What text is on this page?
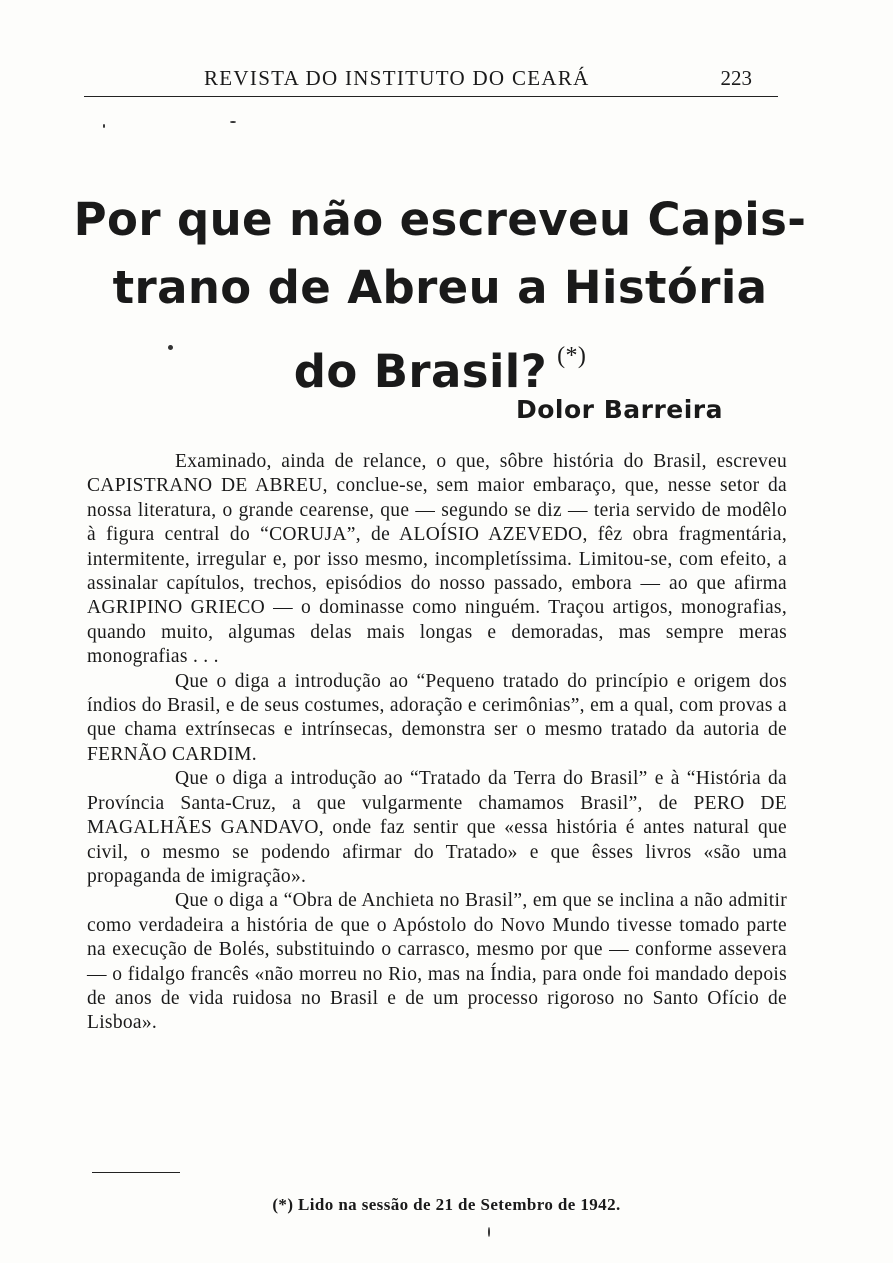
REVISTA DO INSTITUTO DO CEARÁ	223
Por que não escreveu Capis-
trano de Abreu a História
do Brasil? (*)
Dolor Barreira

Examinado, ainda de relance, o que, sôbre história do Brasil, escreveu CAPISTRANO DE ABREU, conclue-se, sem maior embaraço, que, nesse setor da nossa literatura, o grande cearense, que — segundo se diz — teria servido de modêlo à figura central do “CORUJA”, de ALOÍSIO AZEVEDO, fêz obra fragmentária, intermitente, irregular e, por isso mesmo, incompletíssima. Limitou-se, com efeito, a assinalar capítulos, trechos, episódios do nosso passado, embora — ao que afirma AGRIPINO GRIECO — o dominasse como ninguém. Traçou artigos, monografias, quando muito, algumas delas mais longas e demoradas, mas sempre meras monografias . . .

Que o diga a introdução ao “Pequeno tratado do princípio e origem dos índios do Brasil, e de seus costumes, adoração e cerimônias”, em a qual, com provas a que chama extrínsecas e intrínsecas, demonstra ser o mesmo tratado da autoria de FERNÃO CARDIM.

Que o diga a introdução ao “Tratado da Terra do Brasil” e à “História da Província Santa-Cruz, a que vulgarmente chamamos Brasil”, de PERO DE MAGALHÃES GANDAVO, onde faz sentir que «essa história é antes natural que civil, o mesmo se podendo afirmar do Tratado» e que êsses livros «são uma propaganda de imigração».

Que o diga a “Obra de Anchieta no Brasil”, em que se inclina a não admitir como verdadeira a história de que o Apóstolo do Novo Mundo tivesse tomado parte na execução de Bolés, substituindo o carrasco, mesmo por que — conforme assevera — o fidalgo francês «não morreu no Rio, mas na Índia, para onde foi mandado depois de anos de vida ruidosa no Brasil e de um processo rigoroso no Santo Ofício de Lisboa».

(*) Lido na sessão de 21 de Setembro de 1942.
